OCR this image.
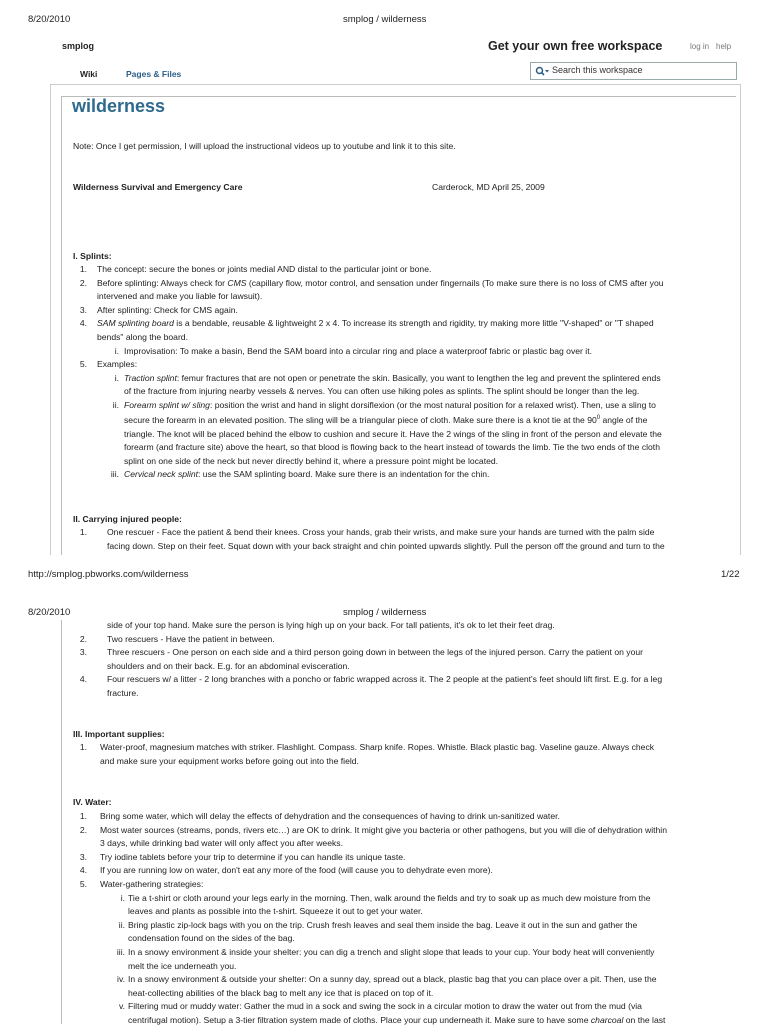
8/20/2010	smplog / wilderness
smplog	Get your own free workspace	log in help
Wiki	Pages & Files	Search this workspace
wilderness
Note: Once I get permission, I will upload the instructional videos up to youtube and link it to this site.
Wilderness Survival and Emergency Care	Carderock, MD April 25, 2009
I. Splints:
1. The concept: secure the bones or joints medial AND distal to the particular joint or bone.
2. Before splinting: Always check for CMS (capillary flow, motor control, and sensation under fingernails (To make sure there is no loss of CMS after you
intervened and make you liable for lawsuit).
3. After splinting: Check for CMS again.
4. SAM splinting board is a bendable, reusable & lightweight 2 x 4. To increase its strength and rigidity, try making more little "V-shaped" or "T shaped
bends" along the board.
i. Improvisation: To make a basin, Bend the SAM board into a circular ring and place a waterproof fabric or plastic bag over it.
5. Examples:
i. Traction splint: femur fractures that are not open or penetrate the skin. Basically, you want to lengthen the leg and prevent the splintered ends
of the fracture from injuring nearby vessels & nerves. You can often use hiking poles as splints. The splint should be longer than the leg.
ii. Forearm splint w/ sling: position the wrist and hand in slight dorsiflexion (or the most natural position for a relaxed wrist). Then, use a sling to
secure the forearm in an elevated position. The sling will be a triangular piece of cloth. Make sure there is a knot tie at the $90^0$ angle of the
triangle. The knot will be placed behind the elbow to cushion and secure it. Have the 2 wings of the sling in front of the person and elevate the
forearm (and fracture site) above the heart, so that blood is flowing back to the heart instead of towards the limb. Tie the two ends of the cloth
splint on one side of the neck but never directly behind it, where a pressure point might be located.
iii. Cervical neck splint: use the SAM splinting board. Make sure there is an indentation for the chin.
II. Carrying injured people:
1. One rescuer - Face the patient & bend their knees. Cross your hands, grab their wrists, and make sure your hands are turned with the palm side
facing down. Step on their feet. Squat down with your back straight and chin pointed upwards slightly. Pull the person off the ground and turn to the
http://smplog.pbworks.com/wilderness	1/22
8/20/2010	smplog / wilderness
side of your top hand. Make sure the person is lying high up on your back. For tall patients, it's ok to let their feet drag.
2. Two rescuers - Have the patient in between.
3. Three rescuers - One person on each side and a third person going down in between the legs of the injured person. Carry the patient on your
shoulders and on their back. E.g. for an abdominal evisceration.
4. Four rescuers w/ a litter - 2 long branches with a poncho or fabric wrapped across it. The 2 people at the patient's feet should lift first. E.g. for a leg
fracture.
III. Important supplies:
1. Water-proof, magnesium matches with striker. Flashlight. Compass. Sharp knife. Ropes. Whistle. Black plastic bag. Vaseline gauze. Always check
and make sure your equipment works before going out into the field.
IV. Water:
1. Bring some water, which will delay the effects of dehydration and the consequences of having to drink un-sanitized water.
2. Most water sources (streams, ponds, rivers etc…) are OK to drink. It might give you bacteria or other pathogens, but you will die of dehydration within
3 days, while drinking bad water will only affect you after weeks.
3. Try iodine tablets before your trip to determine if you can handle its unique taste.
4. If you are running low on water, don't eat any more of the food (will cause you to dehydrate even more).
5. Water-gathering strategies:
i. Tie a t-shirt or cloth around your legs early in the morning. Then, walk around the fields and try to soak up as much dew moisture from the
leaves and plants as possible into the t-shirt. Squeeze it out to get your water.
ii. Bring plastic zip-lock bags with you on the trip. Crush fresh leaves and seal them inside the bag. Leave it out in the sun and gather the
condensation found on the sides of the bag.
iii. In a snowy environment & inside your shelter: you can dig a trench and slight slope that leads to your cup. Your body heat will conveniently
melt the ice underneath you.
iv. In a snowy environment & outside your shelter: On a sunny day, spread out a black, plastic bag that you can place over a pit. Then, use the
heat-collecting abilities of the black bag to melt any ice that is placed on top of it.
v. Filtering mud or muddy water: Gather the mud in a sock and swing the sock in a circular motion to draw the water out from the mud (via
centrifugal motion). Setup a 3-tier filtration system made of cloths. Place your cup underneath it. Make sure to have some charcoal on the last
